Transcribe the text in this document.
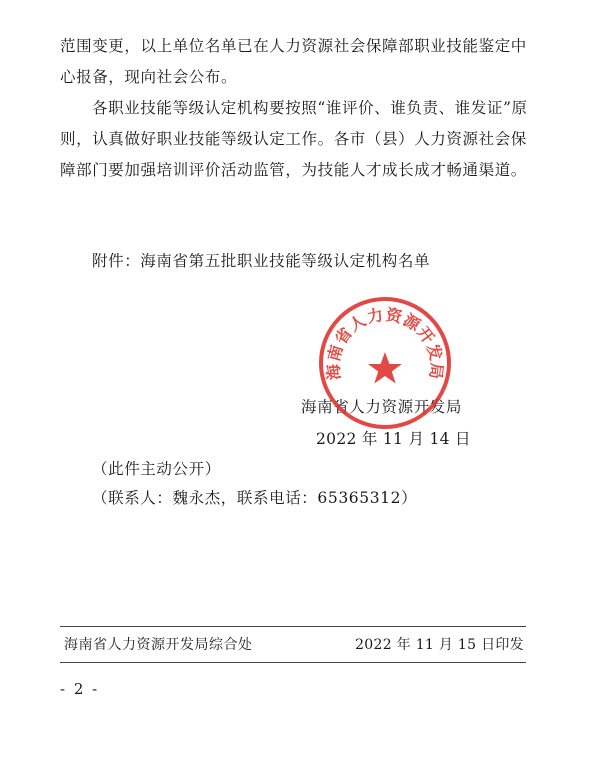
范围变更，以上单位名单已在人力资源社会保障部职业技能鉴定中心报备，现向社会公布。

各职业技能等级认定机构要按照“谁评价、谁负责、谁发证”原则，认真做好职业技能等级认定工作。各市（县）人力资源社会保障部门要加强培训评价活动监管，为技能人才成长成才畅通渠道。

附件：海南省第五批职业技能等级认定机构名单
海南省人力资源开发局
2022 年 11 月 14 日
海南省人力资源开发局
（此件主动公开）
（联系人：魏永杰，联系电话：65365312）
海南省人力资源开发局综合处	2022 年 11 月 15 日印发
- 2 -
